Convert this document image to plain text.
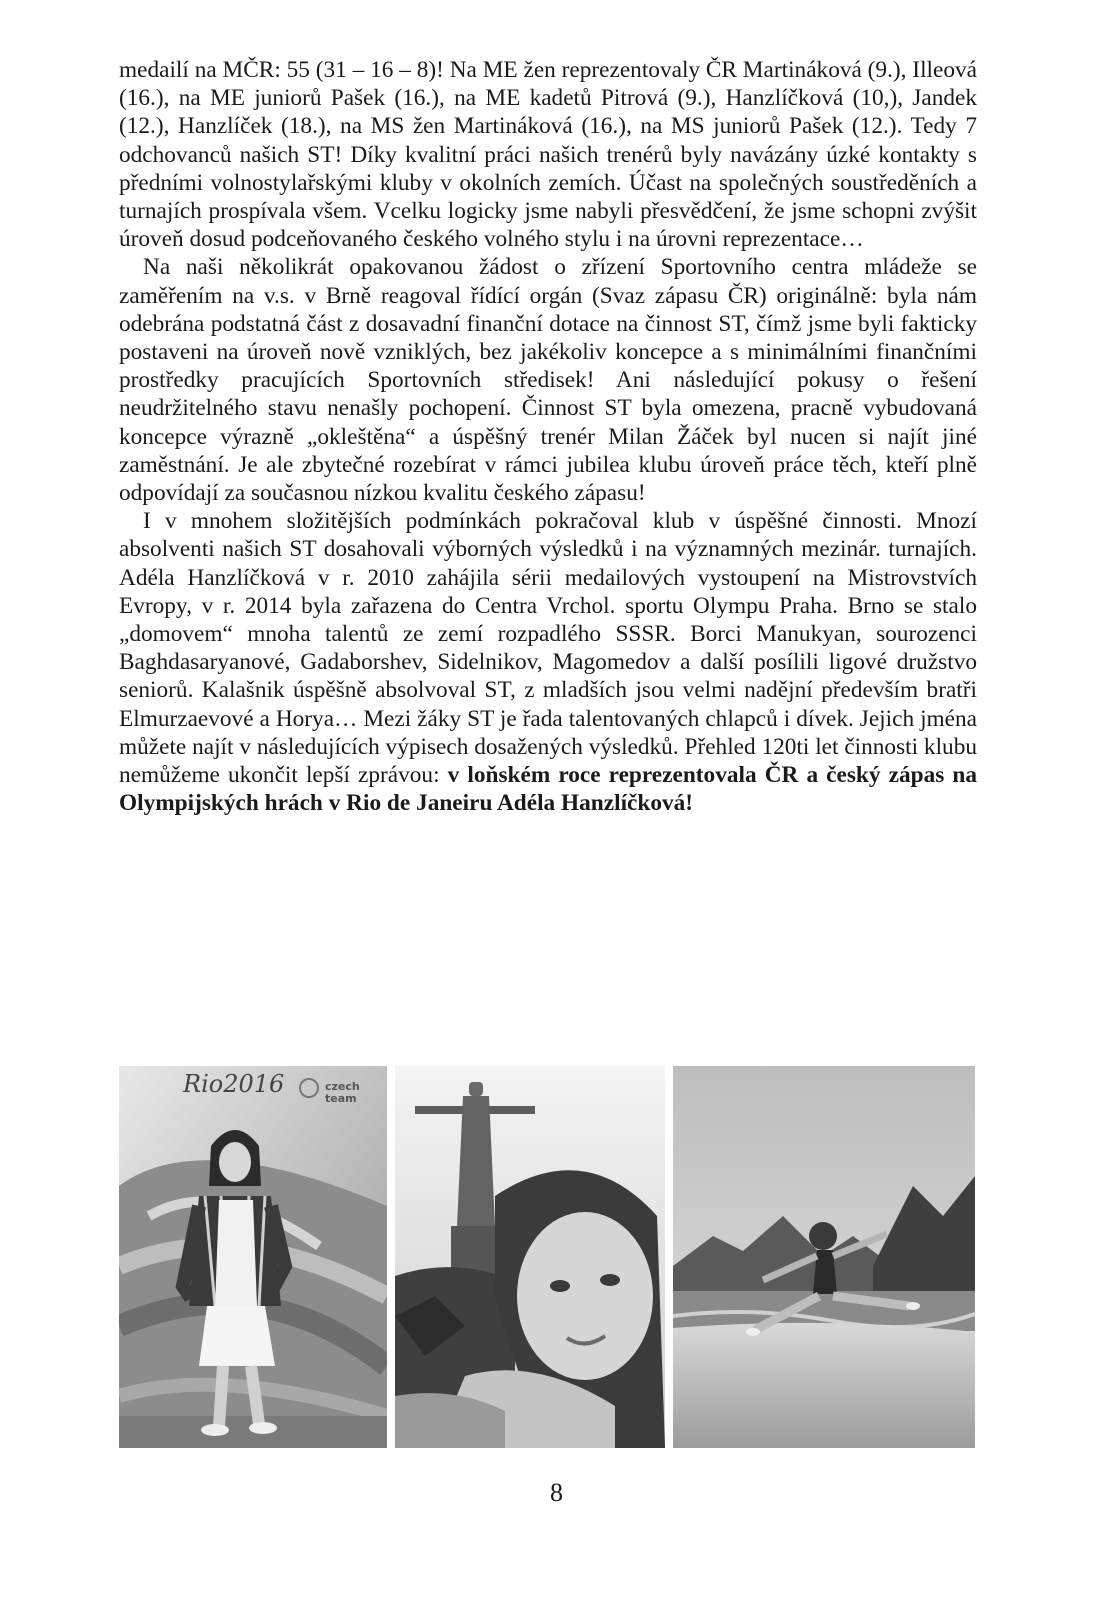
medailí na MČR: 55 (31 – 16 – 8)! Na ME žen reprezentovaly ČR Martináková (9.), Illeová (16.), na ME juniorů Pašek (16.), na ME kadetů Pitrová (9.), Hanzlíčková (10,), Jandek (12.), Hanzlíček (18.), na MS žen Martináková (16.), na MS juniorů Pašek (12.). Tedy 7 odchovanců našich ST! Díky kvalitní práci našich trenérů byly navázány úzké kontakty s předními volnostylařskými kluby v okolních zemích. Účast na společných soustředěních a turnajích prospívala všem. Vcelku logicky jsme nabyli přesvědčení, že jsme schopni zvýšit úroveň dosud podceňovaného českého volného stylu i na úrovni reprezentace…

Na naši několikrát opakovanou žádost o zřízení Sportovního centra mládeže se zaměřením na v.s. v Brně reagoval řídící orgán (Svaz zápasu ČR) originálně: byla nám odebrána podstatná část z dosavadní finanční dotace na činnost ST, čímž jsme byli fakticky postaveni na úroveň nově vzniklých, bez jakékoliv koncepce a s minimálními finančními prostředky pracujících Sportovních středisek! Ani následující pokusy o řešení neudržitelného stavu nenašly pochopení. Činnost ST byla omezena, pracně vybudovaná koncepce výrazně „okleštěna“ a úspěšný trenér Milan Žáček byl nucen si najít jiné zaměstnání. Je ale zbytečné rozebírat v rámci jubilea klubu úroveň práce těch, kteří plně odpovídají za současnou nízkou kvalitu českého zápasu!

I v mnohem složitějších podmínkách pokračoval klub v úspěšné činnosti. Mnozí absolventi našich ST dosahovali výborných výsledků i na významných mezinár. turnajích. Adéla Hanzlíčková v r. 2010 zahájila sérii medailových vystoupení na Mistrovstvích Evropy, v r. 2014 byla zařazena do Centra Vrchol. sportu Olympu Praha. Brno se stalo „domovem“ mnoha talentů ze zemí rozpadlého SSSR. Borci Manukyan, sourozenci Baghdasaryanové, Gadaborshev, Sidelnikov, Magomedov a další posílili ligové družstvo seniorů. Kalašnik úspěšně absolvoval ST, z mladších jsou velmi nadějní především bratři Elmurzaevové a Horya… Mezi žáky ST je řada talentovaných chlapců i dívek. Jejich jména můžete najít v následujících výpisech dosažených výsledků. Přehled 120ti let činnosti klubu nemůžeme ukončit lepší zprávou: v loňském roce reprezentovala ČR a český zápas na Olympijských hrách v Rio de Janeiru Adéla Hanzlíčková!

Rio2016	czech
team
8
